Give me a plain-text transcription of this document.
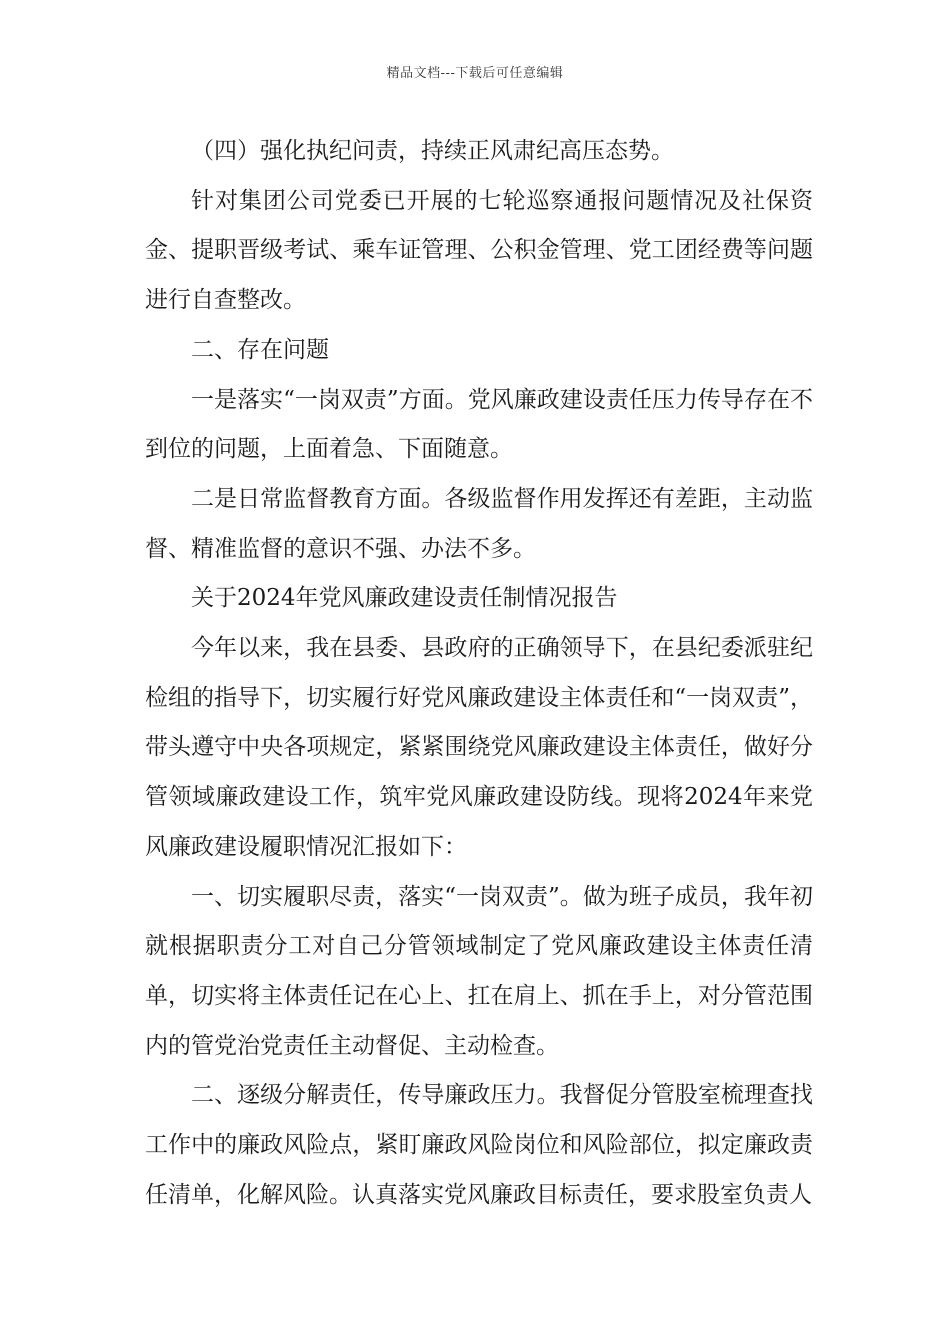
精品文档---下载后可任意编辑

（四）强化执纪问责，持续正风肃纪高压态势。

针对集团公司党委已开展的七轮巡察通报问题情况及社保资金、提职晋级考试、乘车证管理、公积金管理、党工团经费等问题进行自查整改。

二、存在问题

一是落实“一岗双责”方面。党风廉政建设责任压力传导存在不到位的问题，上面着急、下面随意。

二是日常监督教育方面。各级监督作用发挥还有差距，主动监督、精准监督的意识不强、办法不多。

关于2024年党风廉政建设责任制情况报告

今年以来，我在县委、县政府的正确领导下，在县纪委派驻纪检组的指导下，切实履行好党风廉政建设主体责任和“一岗双责”，带头遵守中央各项规定，紧紧围绕党风廉政建设主体责任，做好分管领域廉政建设工作，筑牢党风廉政建设防线。现将2024年来党风廉政建设履职情况汇报如下：

一、切实履职尽责，落实“一岗双责”。做为班子成员，我年初就根据职责分工对自己分管领域制定了党风廉政建设主体责任清单，切实将主体责任记在心上、扛在肩上、抓在手上，对分管范围内的管党治党责任主动督促、主动检查。

二、逐级分解责任，传导廉政压力。我督促分管股室梳理查找工作中的廉政风险点，紧盯廉政风险岗位和风险部位，拟定廉政责任清单，化解风险。认真落实党风廉政目标责任，要求股室负责人
